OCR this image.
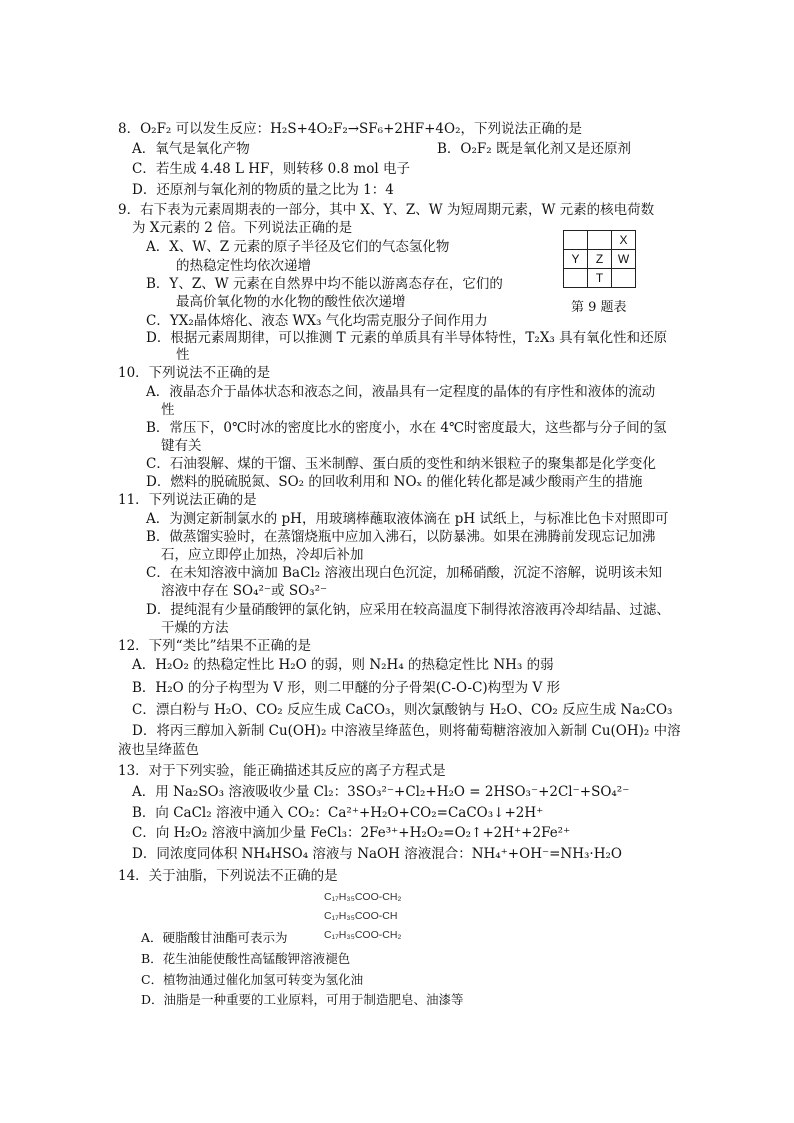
8．O₂F₂ 可以发生反应：H₂S+4O₂F₂→SF₆+2HF+4O₂，下列说法正确的是
A．氧气是氧化产物	B．O₂F₂ 既是氧化剂又是还原剂
C．若生成 4.48 L HF，则转移 0.8 mol 电子
D．还原剂与氧化剂的物质的量之比为 1：4
9．右下表为元素周期表的一部分，其中 X、Y、Z、W 为短周期元素，W 元素的核电荷数
为 X元素的 2 倍。下列说法正确的是
A．X、W、Z 元素的原子半径及它们的气态氢化物
的热稳定性均依次递增
B．Y、Z、W 元素在自然界中均不能以游离态存在，它们的
最高价氧化物的水化物的酸性依次递增
C．YX₂晶体熔化、液态 WX₃ 气化均需克服分子间作用力
D．根据元素周期律，可以推测 T 元素的单质具有半导体特性，T₂X₃ 具有氧化性和还原
性
		X
Y	Z	W
	T	
第 9 题表
10．下列说法不正确的是
A．液晶态介于晶体状态和液态之间，液晶具有一定程度的晶体的有序性和液体的流动
性
B．常压下，0℃时冰的密度比水的密度小，水在 4℃时密度最大，这些都与分子间的氢
键有关
C．石油裂解、煤的干馏、玉米制醇、蛋白质的变性和纳米银粒子的聚集都是化学变化
D．燃料的脱硫脱氮、SO₂ 的回收利用和 NOₓ 的催化转化都是减少酸雨产生的措施
11．下列说法正确的是
A．为测定新制氯水的 pH，用玻璃棒蘸取液体滴在 pH 试纸上，与标准比色卡对照即可
B．做蒸馏实验时，在蒸馏烧瓶中应加入沸石，以防暴沸。如果在沸腾前发现忘记加沸
石，应立即停止加热，冷却后补加
C．在未知溶液中滴加 BaCl₂ 溶液出现白色沉淀，加稀硝酸，沉淀不溶解，说明该未知
溶液中存在 SO₄²⁻或 SO₃²⁻
D．提纯混有少量硝酸钾的氯化钠，应采用在较高温度下制得浓溶液再冷却结晶、过滤、
干燥的方法
12．下列“类比”结果不正确的是
A．H₂O₂ 的热稳定性比 H₂O 的弱，则 N₂H₄ 的热稳定性比 NH₃ 的弱
B．H₂O 的分子构型为 V 形，则二甲醚的分子骨架(C-O-C)构型为 V 形
C．漂白粉与 H₂O、CO₂ 反应生成 CaCO₃，则次氯酸钠与 H₂O、CO₂ 反应生成 Na₂CO₃
D．将丙三醇加入新制 Cu(OH)₂ 中溶液呈绛蓝色，则将葡萄糖溶液加入新制 Cu(OH)₂ 中溶
液也呈绛蓝色
13．对于下列实验，能正确描述其反应的离子方程式是
A．用 Na₂SO₃ 溶液吸收少量 Cl₂：3SO₃²⁻+Cl₂+H₂O = 2HSO₃⁻+2Cl⁻+SO₄²⁻
B．向 CaCl₂ 溶液中通入 CO₂：Ca²⁺+H₂O+CO₂=CaCO₃↓+2H⁺
C．向 H₂O₂ 溶液中滴加少量 FeCl₃：2Fe³⁺+H₂O₂=O₂↑+2H⁺+2Fe²⁺
D．同浓度同体积 NH₄HSO₄ 溶液与 NaOH 溶液混合：NH₄⁺+OH⁻=NH₃·H₂O
14．关于油脂，下列说法不正确的是
C₁₇H₃₅COO-CH₂
C₁₇H₃₅COO-CH
C₁₇H₃₅COO-CH₂
A．硬脂酸甘油酯可表示为
B．花生油能使酸性高锰酸钾溶液褪色
C．植物油通过催化加氢可转变为氢化油
D．油脂是一种重要的工业原料，可用于制造肥皂、油漆等
